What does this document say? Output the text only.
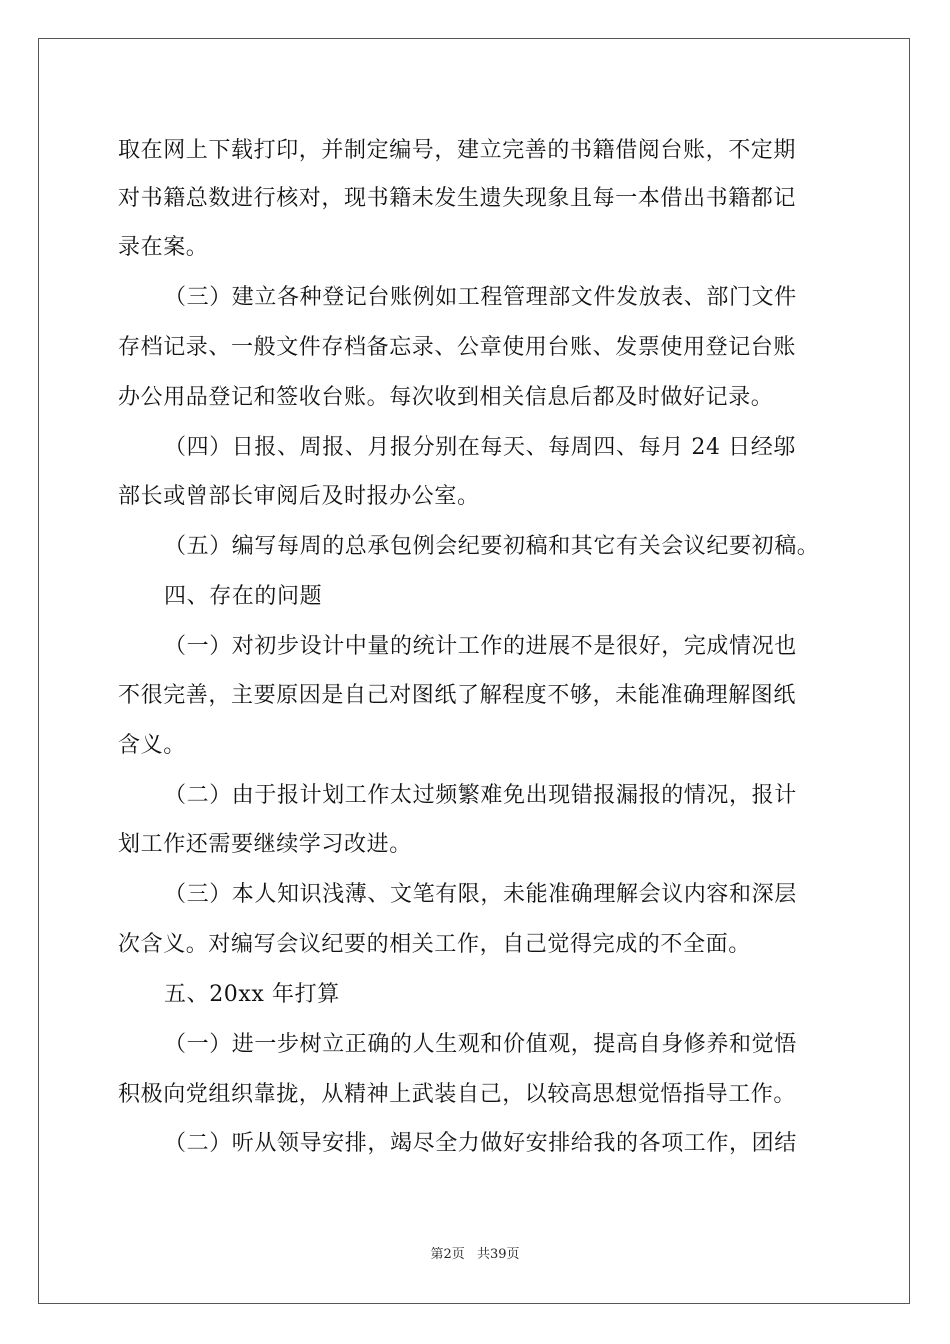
取在网上下载打印，并制定编号，建立完善的书籍借阅台账，不定期
对书籍总数进行核对，现书籍未发生遗失现象且每一本借出书籍都记
录在案。
（三）建立各种登记台账例如工程管理部文件发放表、部门文件
存档记录、一般文件存档备忘录、公章使用台账、发票使用登记台账
办公用品登记和签收台账。每次收到相关信息后都及时做好记录。
（四）日报、周报、月报分别在每天、每周四、每月 24 日经邬
部长或曾部长审阅后及时报办公室。
（五）编写每周的总承包例会纪要初稿和其它有关会议纪要初稿。
四、存在的问题
（一）对初步设计中量的统计工作的进展不是很好，完成情况也
不很完善，主要原因是自己对图纸了解程度不够，未能准确理解图纸
含义。
（二）由于报计划工作太过频繁难免出现错报漏报的情况，报计
划工作还需要继续学习改进。
（三）本人知识浅薄、文笔有限，未能准确理解会议内容和深层
次含义。对编写会议纪要的相关工作，自己觉得完成的不全面。
五、20xx 年打算
（一）进一步树立正确的人生观和价值观，提高自身修养和觉悟
积极向党组织靠拢，从精神上武装自己，以较高思想觉悟指导工作。
（二）听从领导安排，竭尽全力做好安排给我的各项工作，团结
第2页 共39页
